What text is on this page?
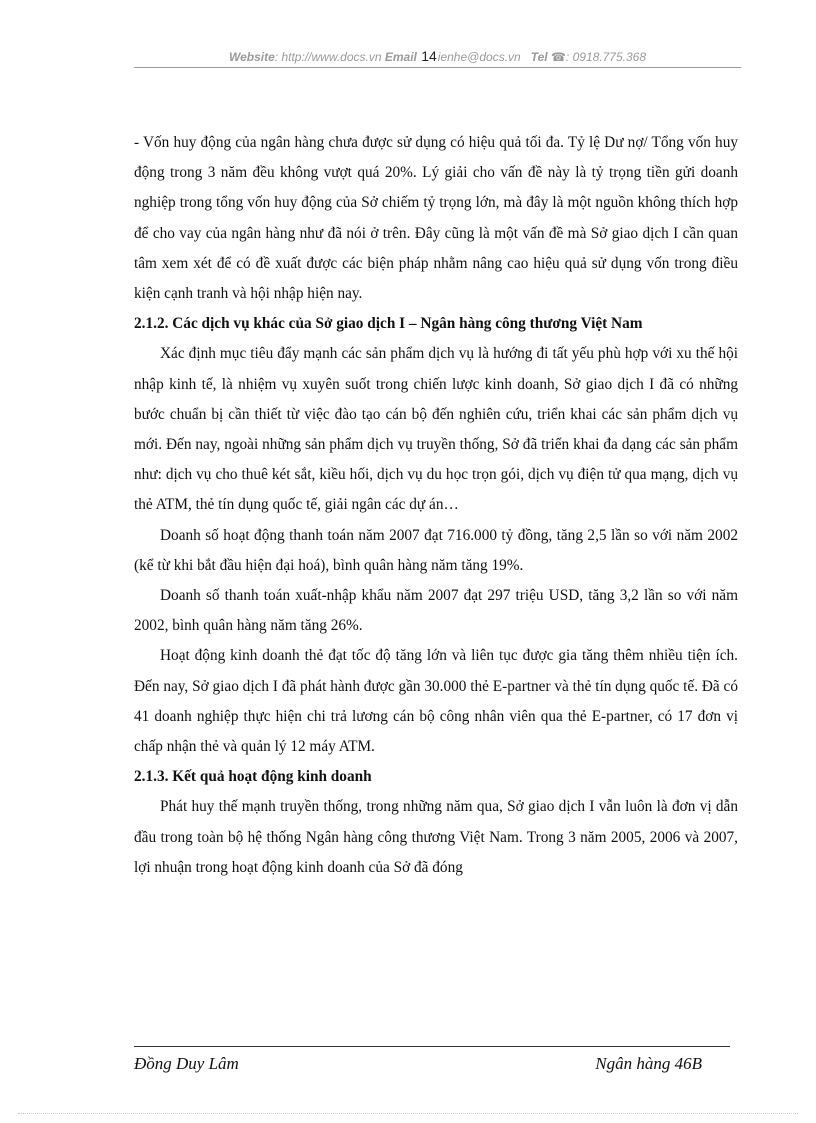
Website: http://www.docs.vn Email 14ienhe@docs.vn Tel ☎: 0918.775.368

- Vốn huy động của ngân hàng chưa được sử dụng có hiệu quả tối đa. Tỷ lệ Dư nợ/ Tổng vốn huy động trong 3 năm đều không vượt quá 20%. Lý giải cho vấn đề này là tỷ trọng tiền gửi doanh nghiệp trong tổng vốn huy động của Sở chiếm tỷ trọng lớn, mà đây là một nguồn không thích hợp để cho vay của ngân hàng như đã nói ở trên. Đây cũng là một vấn đề mà Sở giao dịch I cần quan tâm xem xét để có đề xuất được các biện pháp nhằm nâng cao hiệu quả sử dụng vốn trong điều kiện cạnh tranh và hội nhập hiện nay.

2.1.2. Các dịch vụ khác của Sở giao dịch I – Ngân hàng công thương Việt Nam

Xác định mục tiêu đẩy mạnh các sản phẩm dịch vụ là hướng đi tất yếu phù hợp với xu thế hội nhập kinh tế, là nhiệm vụ xuyên suốt trong chiến lược kinh doanh, Sở giao dịch I đã có những bước chuẩn bị cần thiết từ việc đào tạo cán bộ đến nghiên cứu, triển khai các sản phẩm dịch vụ mới. Đến nay, ngoài những sản phẩm dịch vụ truyền thống, Sở đã triển khai đa dạng các sản phẩm như: dịch vụ cho thuê két sắt, kiều hối, dịch vụ du học trọn gói, dịch vụ điện tử qua mạng, dịch vụ thẻ ATM, thẻ tín dụng quốc tế, giải ngân các dự án…

Doanh số hoạt động thanh toán năm 2007 đạt 716.000 tỷ đồng, tăng 2,5 lần so với năm 2002 (kể từ khi bắt đầu hiện đại hoá), bình quân hàng năm tăng 19%.

Doanh số thanh toán xuất-nhập khẩu năm 2007 đạt 297 triệu USD, tăng 3,2 lần so với năm 2002, bình quân hàng năm tăng 26%.

Hoạt động kinh doanh thẻ đạt tốc độ tăng lớn và liên tục được gia tăng thêm nhiều tiện ích. Đến nay, Sở giao dịch I đã phát hành được gần 30.000 thẻ E-partner và thẻ tín dụng quốc tế. Đã có 41 doanh nghiệp thực hiện chi trả lương cán bộ công nhân viên qua thẻ E-partner, có 17 đơn vị chấp nhận thẻ và quản lý 12 máy ATM.

2.1.3. Kết quả hoạt động kinh doanh

Phát huy thế mạnh truyền thống, trong những năm qua, Sở giao dịch I vẫn luôn là đơn vị dẫn đầu trong toàn bộ hệ thống Ngân hàng công thương Việt Nam. Trong 3 năm 2005, 2006 và 2007, lợi nhuận trong hoạt động kinh doanh của Sở đã đóng

Đồng Duy Lâm	Ngân hàng 46B
